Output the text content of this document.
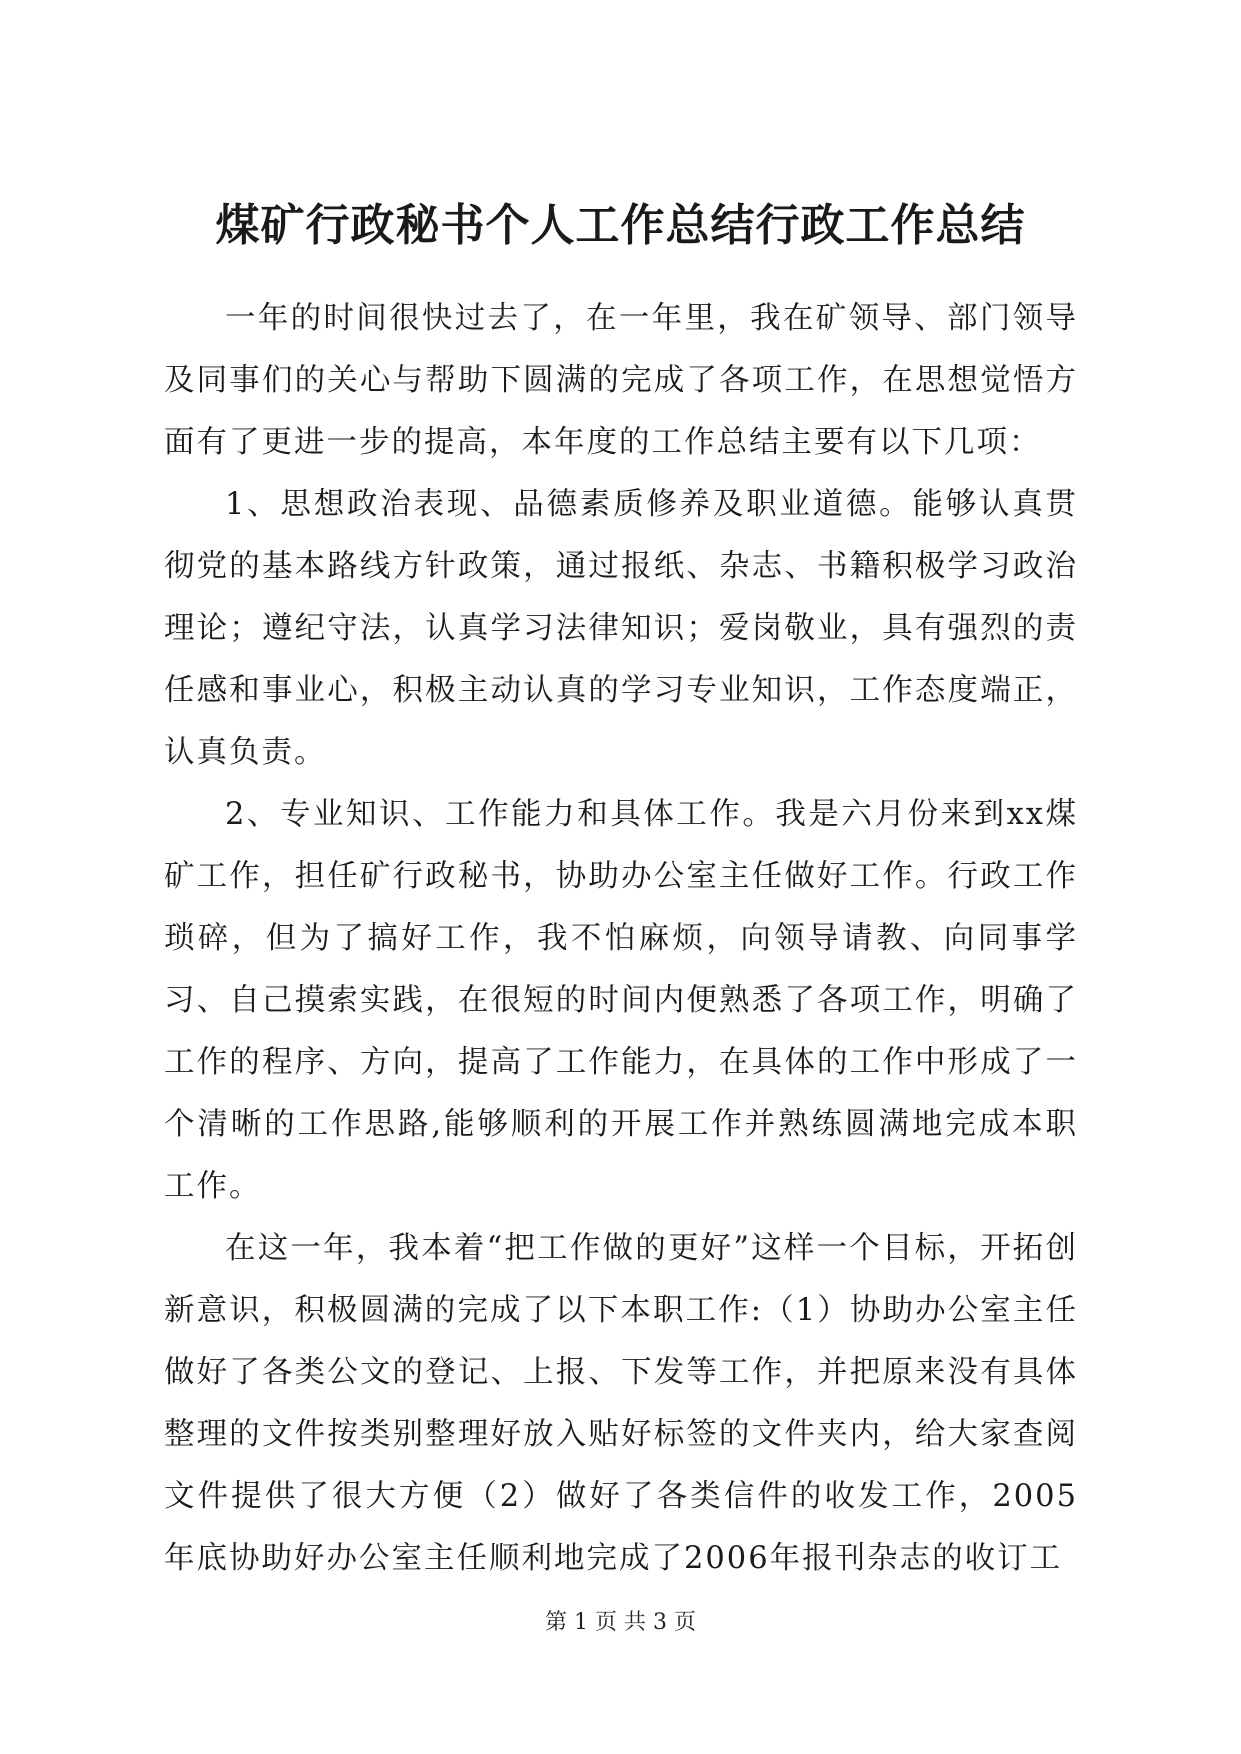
煤矿行政秘书个人工作总结行政工作总结

一年的时间很快过去了，在一年里，我在矿领导、部门领导及同事们的关心与帮助下圆满的完成了各项工作，在思想觉悟方面有了更进一步的提高，本年度的工作总结主要有以下几项：

1、思想政治表现、品德素质修养及职业道德。能够认真贯彻党的基本路线方针政策，通过报纸、杂志、书籍积极学习政治理论；遵纪守法，认真学习法律知识；爱岗敬业，具有强烈的责任感和事业心，积极主动认真的学习专业知识，工作态度端正，认真负责。

2、专业知识、工作能力和具体工作。我是六月份来到xx煤矿工作，担任矿行政秘书，协助办公室主任做好工作。行政工作琐碎，但为了搞好工作，我不怕麻烦，向领导请教、向同事学习、自己摸索实践，在很短的时间内便熟悉了各项工作，明确了工作的程序、方向，提高了工作能力，在具体的工作中形成了一个清晰的工作思路,能够顺利的开展工作并熟练圆满地完成本职工作。

在这一年，我本着“把工作做的更好”这样一个目标，开拓创新意识，积极圆满的完成了以下本职工作:（1）协助办公室主任做好了各类公文的登记、上报、下发等工作，并把原来没有具体整理的文件按类别整理好放入贴好标签的文件夹内，给大家查阅文件提供了很大方便（2）做好了各类信件的收发工作，2005年底协助好办公室主任顺利地完成了2006年报刊杂志的收订工

第 1 页 共 3 页
